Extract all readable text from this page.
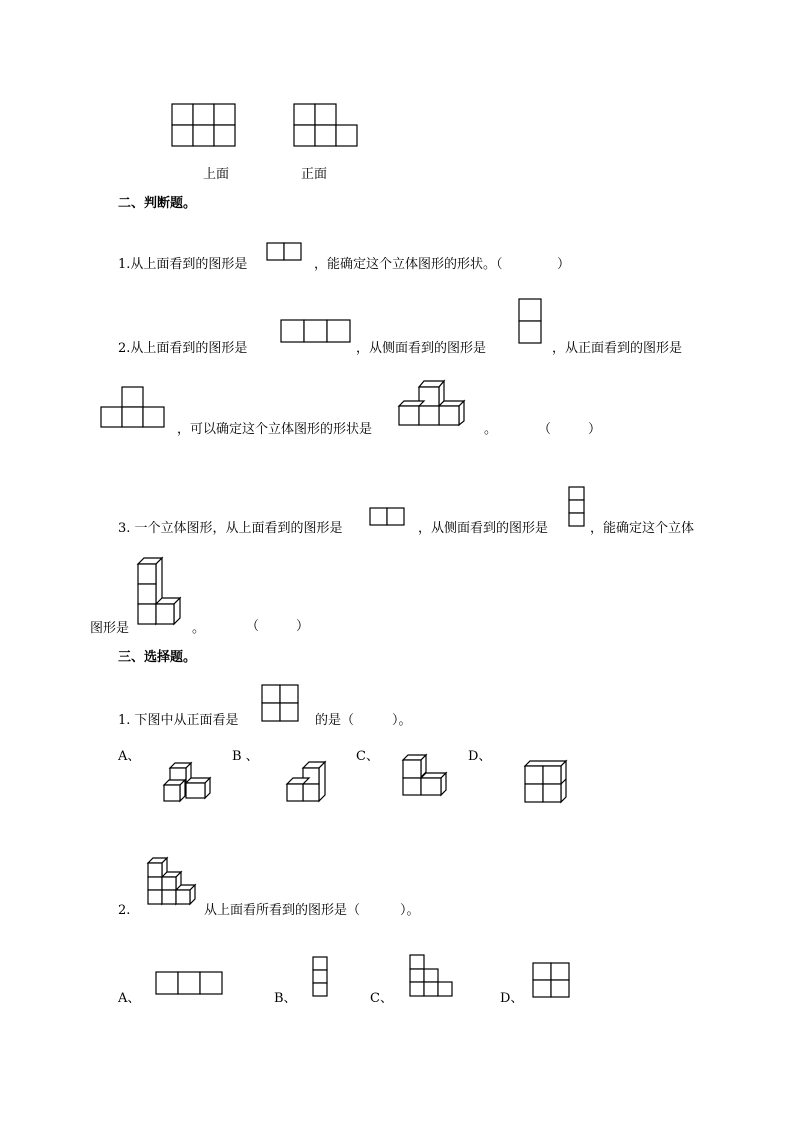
上面	正面
二、判断题。
1.从上面看到的图形是	，能确定这个立体图形的形状。（	）
2.从上面看到的图形是	，从侧面看到的图形是	，从正面看到的图形是
，可以确定这个立体图形的形状是	。	（	）
3. 一个立体图形，从上面看到的图形是	，从侧面看到的图形是	，能确定这个立体
图形是	。	（	）
三、选择题。
1. 下图中从正面看是	的是（	）。
A、	B 、	C、	D、
2.	从上面看所看到的图形是（	）。
A、	B、	C、	D、
